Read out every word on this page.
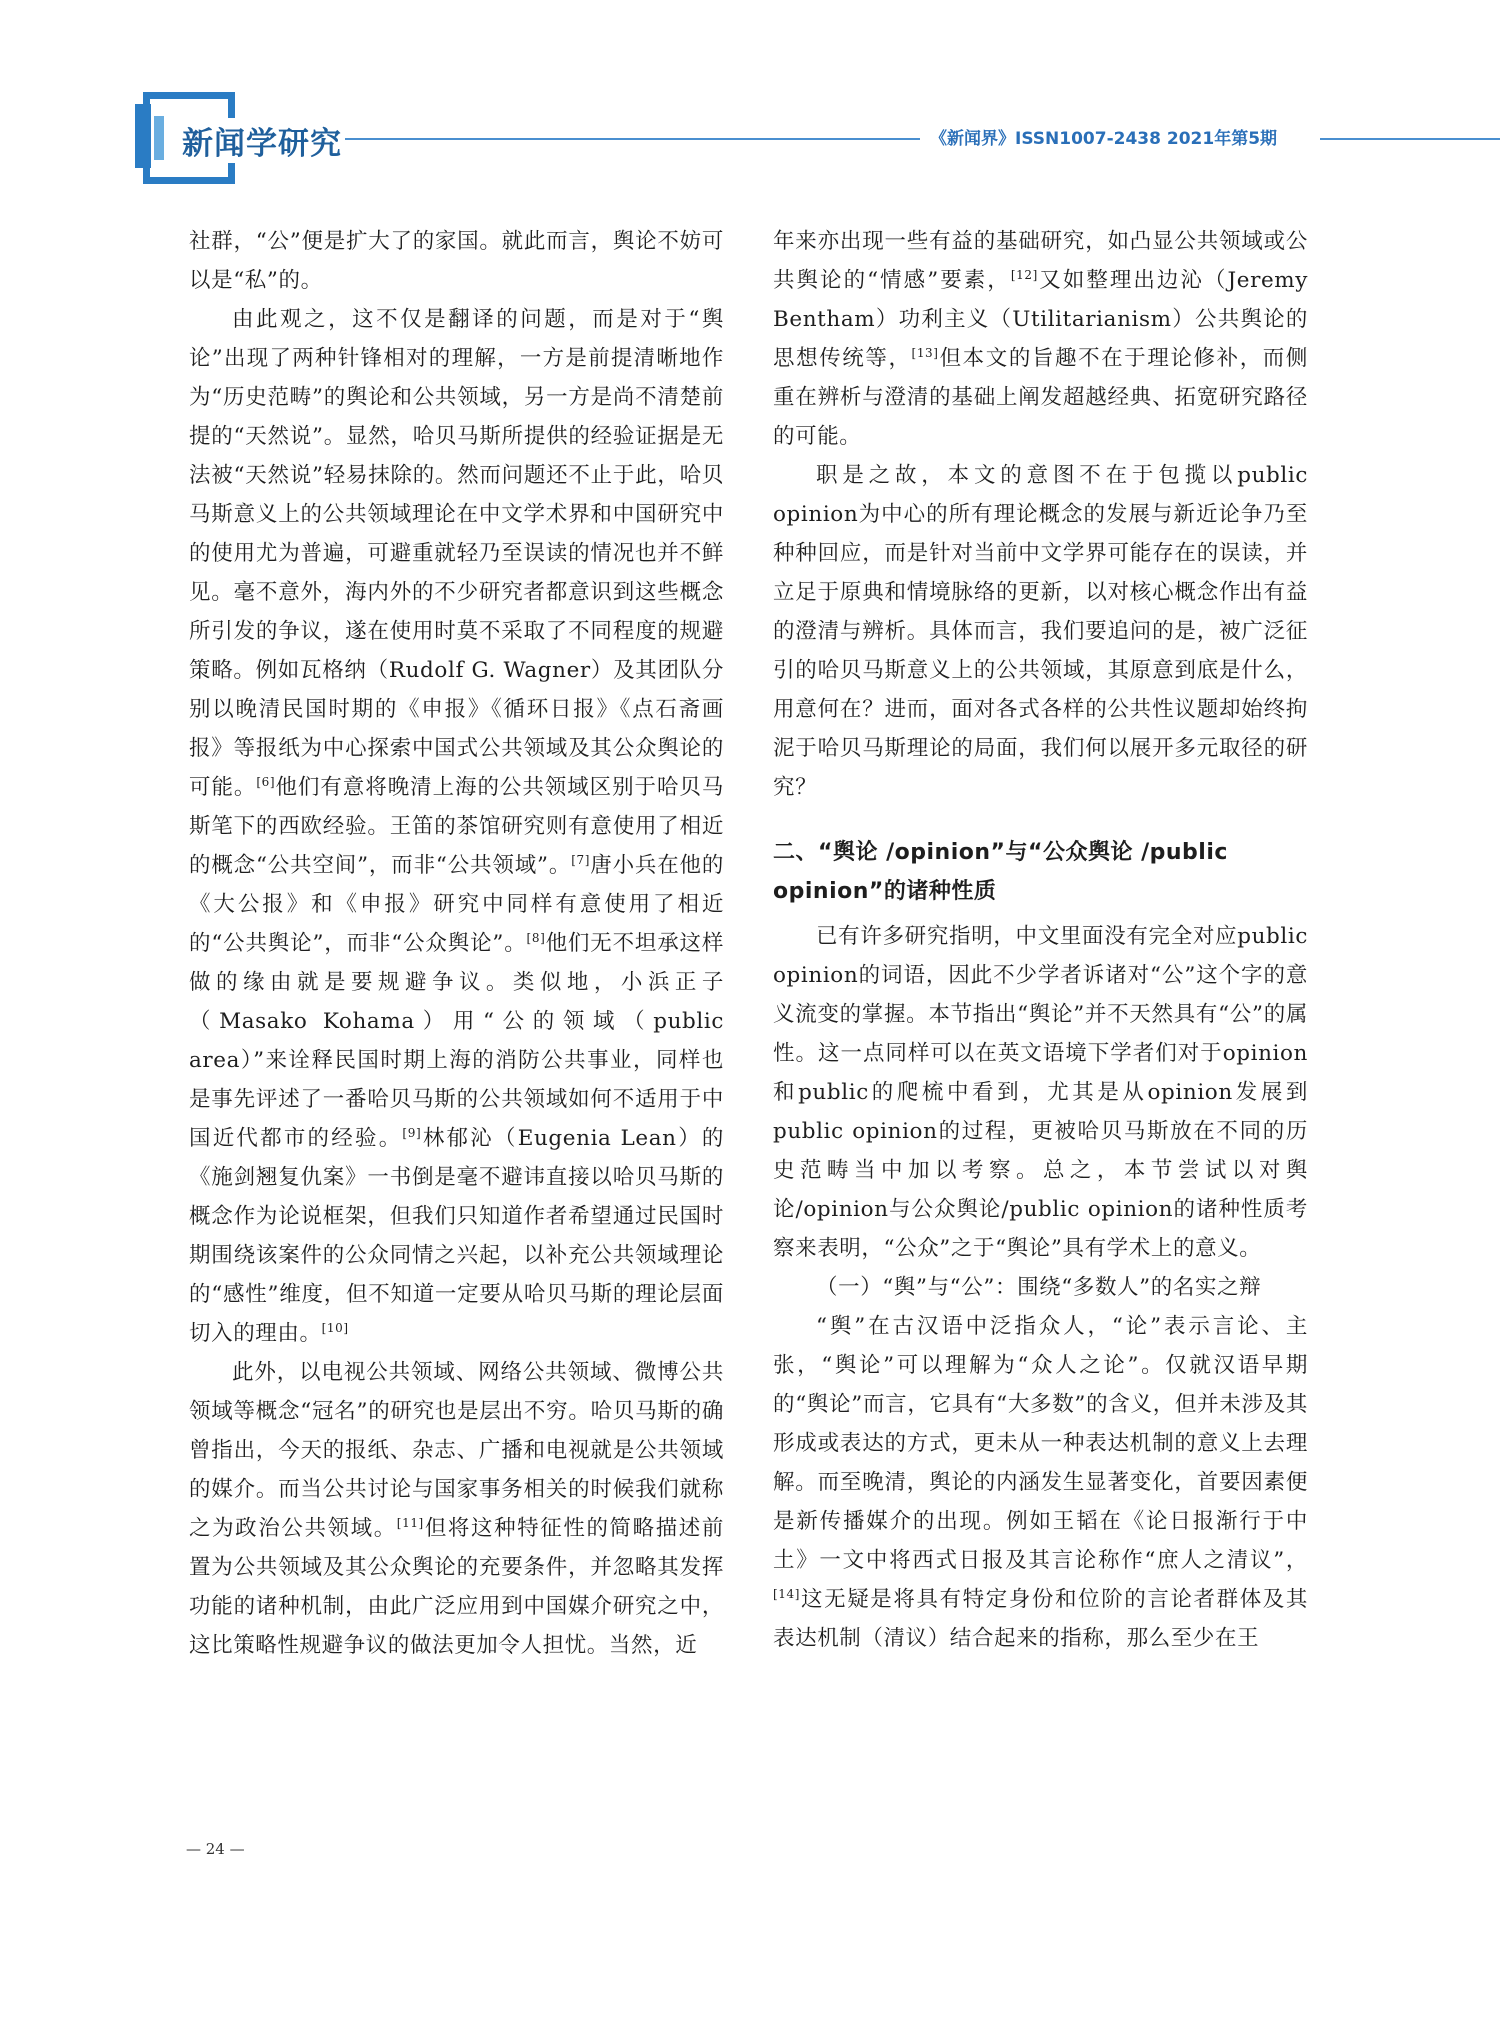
新闻学研究	《新闻界》ISSN1007-2438 2021年第5期

社群，“公”便是扩大了的家国。就此而言，舆论不妨可以是“私”的。

由此观之，这不仅是翻译的问题，而是对于“舆论”出现了两种针锋相对的理解，一方是前提清晰地作为“历史范畴”的舆论和公共领域，另一方是尚不清楚前提的“天然说”。显然，哈贝马斯所提供的经验证据是无法被“天然说”轻易抹除的。然而问题还不止于此，哈贝马斯意义上的公共领域理论在中文学术界和中国研究中的使用尤为普遍，可避重就轻乃至误读的情况也并不鲜见。毫不意外，海内外的不少研究者都意识到这些概念所引发的争议，遂在使用时莫不采取了不同程度的规避策略。例如瓦格纳（Rudolf G. Wagner）及其团队分别以晚清民国时期的《申报》《循环日报》《点石斋画报》等报纸为中心探索中国式公共领域及其公众舆论的可能。[6]他们有意将晚清上海的公共领域区别于哈贝马斯笔下的西欧经验。王笛的茶馆研究则有意使用了相近的概念“公共空间”，而非“公共领域”。[7]唐小兵在他的《大公报》和《申报》研究中同样有意使用了相近的“公共舆论”，而非“公众舆论”。[8]他们无不坦承这样做的缘由就是要规避争议。类似地，小浜正子（Masako Kohama）用“公的领域（public area）”来诠释民国时期上海的消防公共事业，同样也是事先评述了一番哈贝马斯的公共领域如何不适用于中国近代都市的经验。[9]林郁沁（Eugenia Lean）的《施剑翘复仇案》一书倒是毫不避讳直接以哈贝马斯的概念作为论说框架，但我们只知道作者希望通过民国时期围绕该案件的公众同情之兴起，以补充公共领域理论的“感性”维度，但不知道一定要从哈贝马斯的理论层面切入的理由。[10]

此外，以电视公共领域、网络公共领域、微博公共领域等概念“冠名”的研究也是层出不穷。哈贝马斯的确曾指出，今天的报纸、杂志、广播和电视就是公共领域的媒介。而当公共讨论与国家事务相关的时候我们就称之为政治公共领域。[11]但将这种特征性的简略描述前置为公共领域及其公众舆论的充要条件，并忽略其发挥功能的诸种机制，由此广泛应用到中国媒介研究之中，这比策略性规避争议的做法更加令人担忧。当然，近

年来亦出现一些有益的基础研究，如凸显公共领域或公共舆论的“情感”要素，[12]又如整理出边沁（Jeremy Bentham）功利主义（Utilitarianism）公共舆论的思想传统等，[13]但本文的旨趣不在于理论修补，而侧重在辨析与澄清的基础上阐发超越经典、拓宽研究路径的可能。

职是之故，本文的意图不在于包揽以public opinion为中心的所有理论概念的发展与新近论争乃至种种回应，而是针对当前中文学界可能存在的误读，并立足于原典和情境脉络的更新，以对核心概念作出有益的澄清与辨析。具体而言，我们要追问的是，被广泛征引的哈贝马斯意义上的公共领域，其原意到底是什么，用意何在？进而，面对各式各样的公共性议题却始终拘泥于哈贝马斯理论的局面，我们何以展开多元取径的研究？

二、“舆论 /opinion”与“公众舆论 /public opinion”的诸种性质

已有许多研究指明，中文里面没有完全对应public opinion的词语，因此不少学者诉诸对“公”这个字的意义流变的掌握。本节指出“舆论”并不天然具有“公”的属性。这一点同样可以在英文语境下学者们对于opinion和public的爬梳中看到，尤其是从opinion发展到public opinion的过程，更被哈贝马斯放在不同的历史范畴当中加以考察。总之，本节尝试以对舆论/opinion与公众舆论/public opinion的诸种性质考察来表明，“公众”之于“舆论”具有学术上的意义。

（一）“舆”与“公”：围绕“多数人”的名实之辩

“舆”在古汉语中泛指众人，“论”表示言论、主张，“舆论”可以理解为“众人之论”。仅就汉语早期的“舆论”而言，它具有“大多数”的含义，但并未涉及其形成或表达的方式，更未从一种表达机制的意义上去理解。而至晚清，舆论的内涵发生显著变化，首要因素便是新传播媒介的出现。例如王韬在《论日报渐行于中土》一文中将西式日报及其言论称作“庶人之清议”，[14]这无疑是将具有特定身份和位阶的言论者群体及其表达机制（清议）结合起来的指称，那么至少在王

— 24 —
